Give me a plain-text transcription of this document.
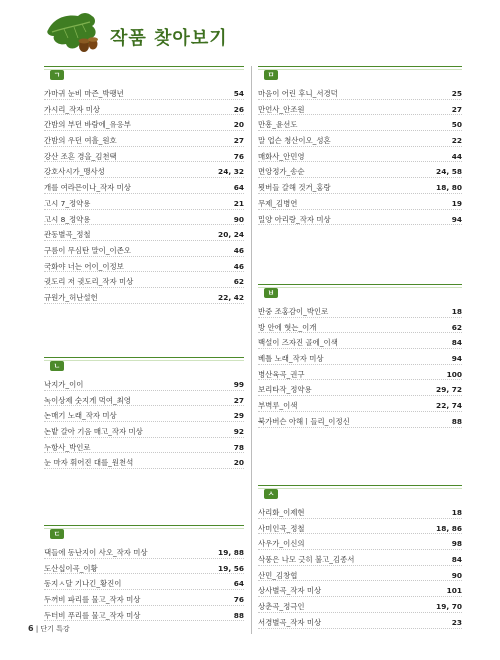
작품 찾아보기
ㄱ
가마귀 눈비 마즌_박팽년	54
가시리_작자 미상	26
간밤의 부던 바람에_유응부	20
간밤의 우던 여흘_원호	27
강산 조흔 경을_김천택	76
강호사시가_맹사성	24, 32
개를 여라믄이나_작자 미상	64
고시 7_정약용	21
고시 8_정약용	90
관동별곡_정철	20, 24
구름이 무심탄 말이_이존오	46
국화야 너는 어이_이정보	46
귓도리 저 귓도리_작자 미상	62
규원가_허난설헌	22, 42
ㄴ
낙지가_이이	99
녹이상제 숫지게 먹여_최영	27
논매기 노래_작자 미상	29
논밭 갈아 기음 매고_작자 미상	92
누항사_박인로	78
눈 마자 휘어진 대를_원천석	20
ㄷ
댁들에 동난지이 사오_작자 미상	19, 88
도산십이곡_이황	19, 56
동지ㅅ달 기나긴_황진이	64
두꺼비 파리를 물고_작자 미상	76
두터비 푸리를 물고_작자 미상	88
ㅁ
마음이 어린 후니_서경덕	25
만언사_안조원	27
만흥_윤선도	50
말 업슨 청산이오_성혼	22
매화사_안민영	44
면앙정가_송순	24, 58
묏버들 갈해 것거_홍랑	18, 80
무제_김병연	19
밀양 아리랑_작자 미상	94
ㅂ
반중 조홍감이_박인로	18
방 안에 혓는_이개	62
백설이 즈자진 골에_이색	84
베틀 노래_작자 미상	94
병산육곡_권구	100
보리타작_정약용	29, 72
부벽루_이색	22, 74
북가버슨 아해ㅣ들리_이정신	88
ㅅ
사리화_이제현	18
사미인곡_정철	18, 86
사우가_이신의	98
삭풍은 나모 긋히 불고_김종서	84
산민_김창협	90
상사별곡_작자 미상	101
상춘곡_정극인	19, 70
서경별곡_작자 미상	23
6 | 단기 특강
